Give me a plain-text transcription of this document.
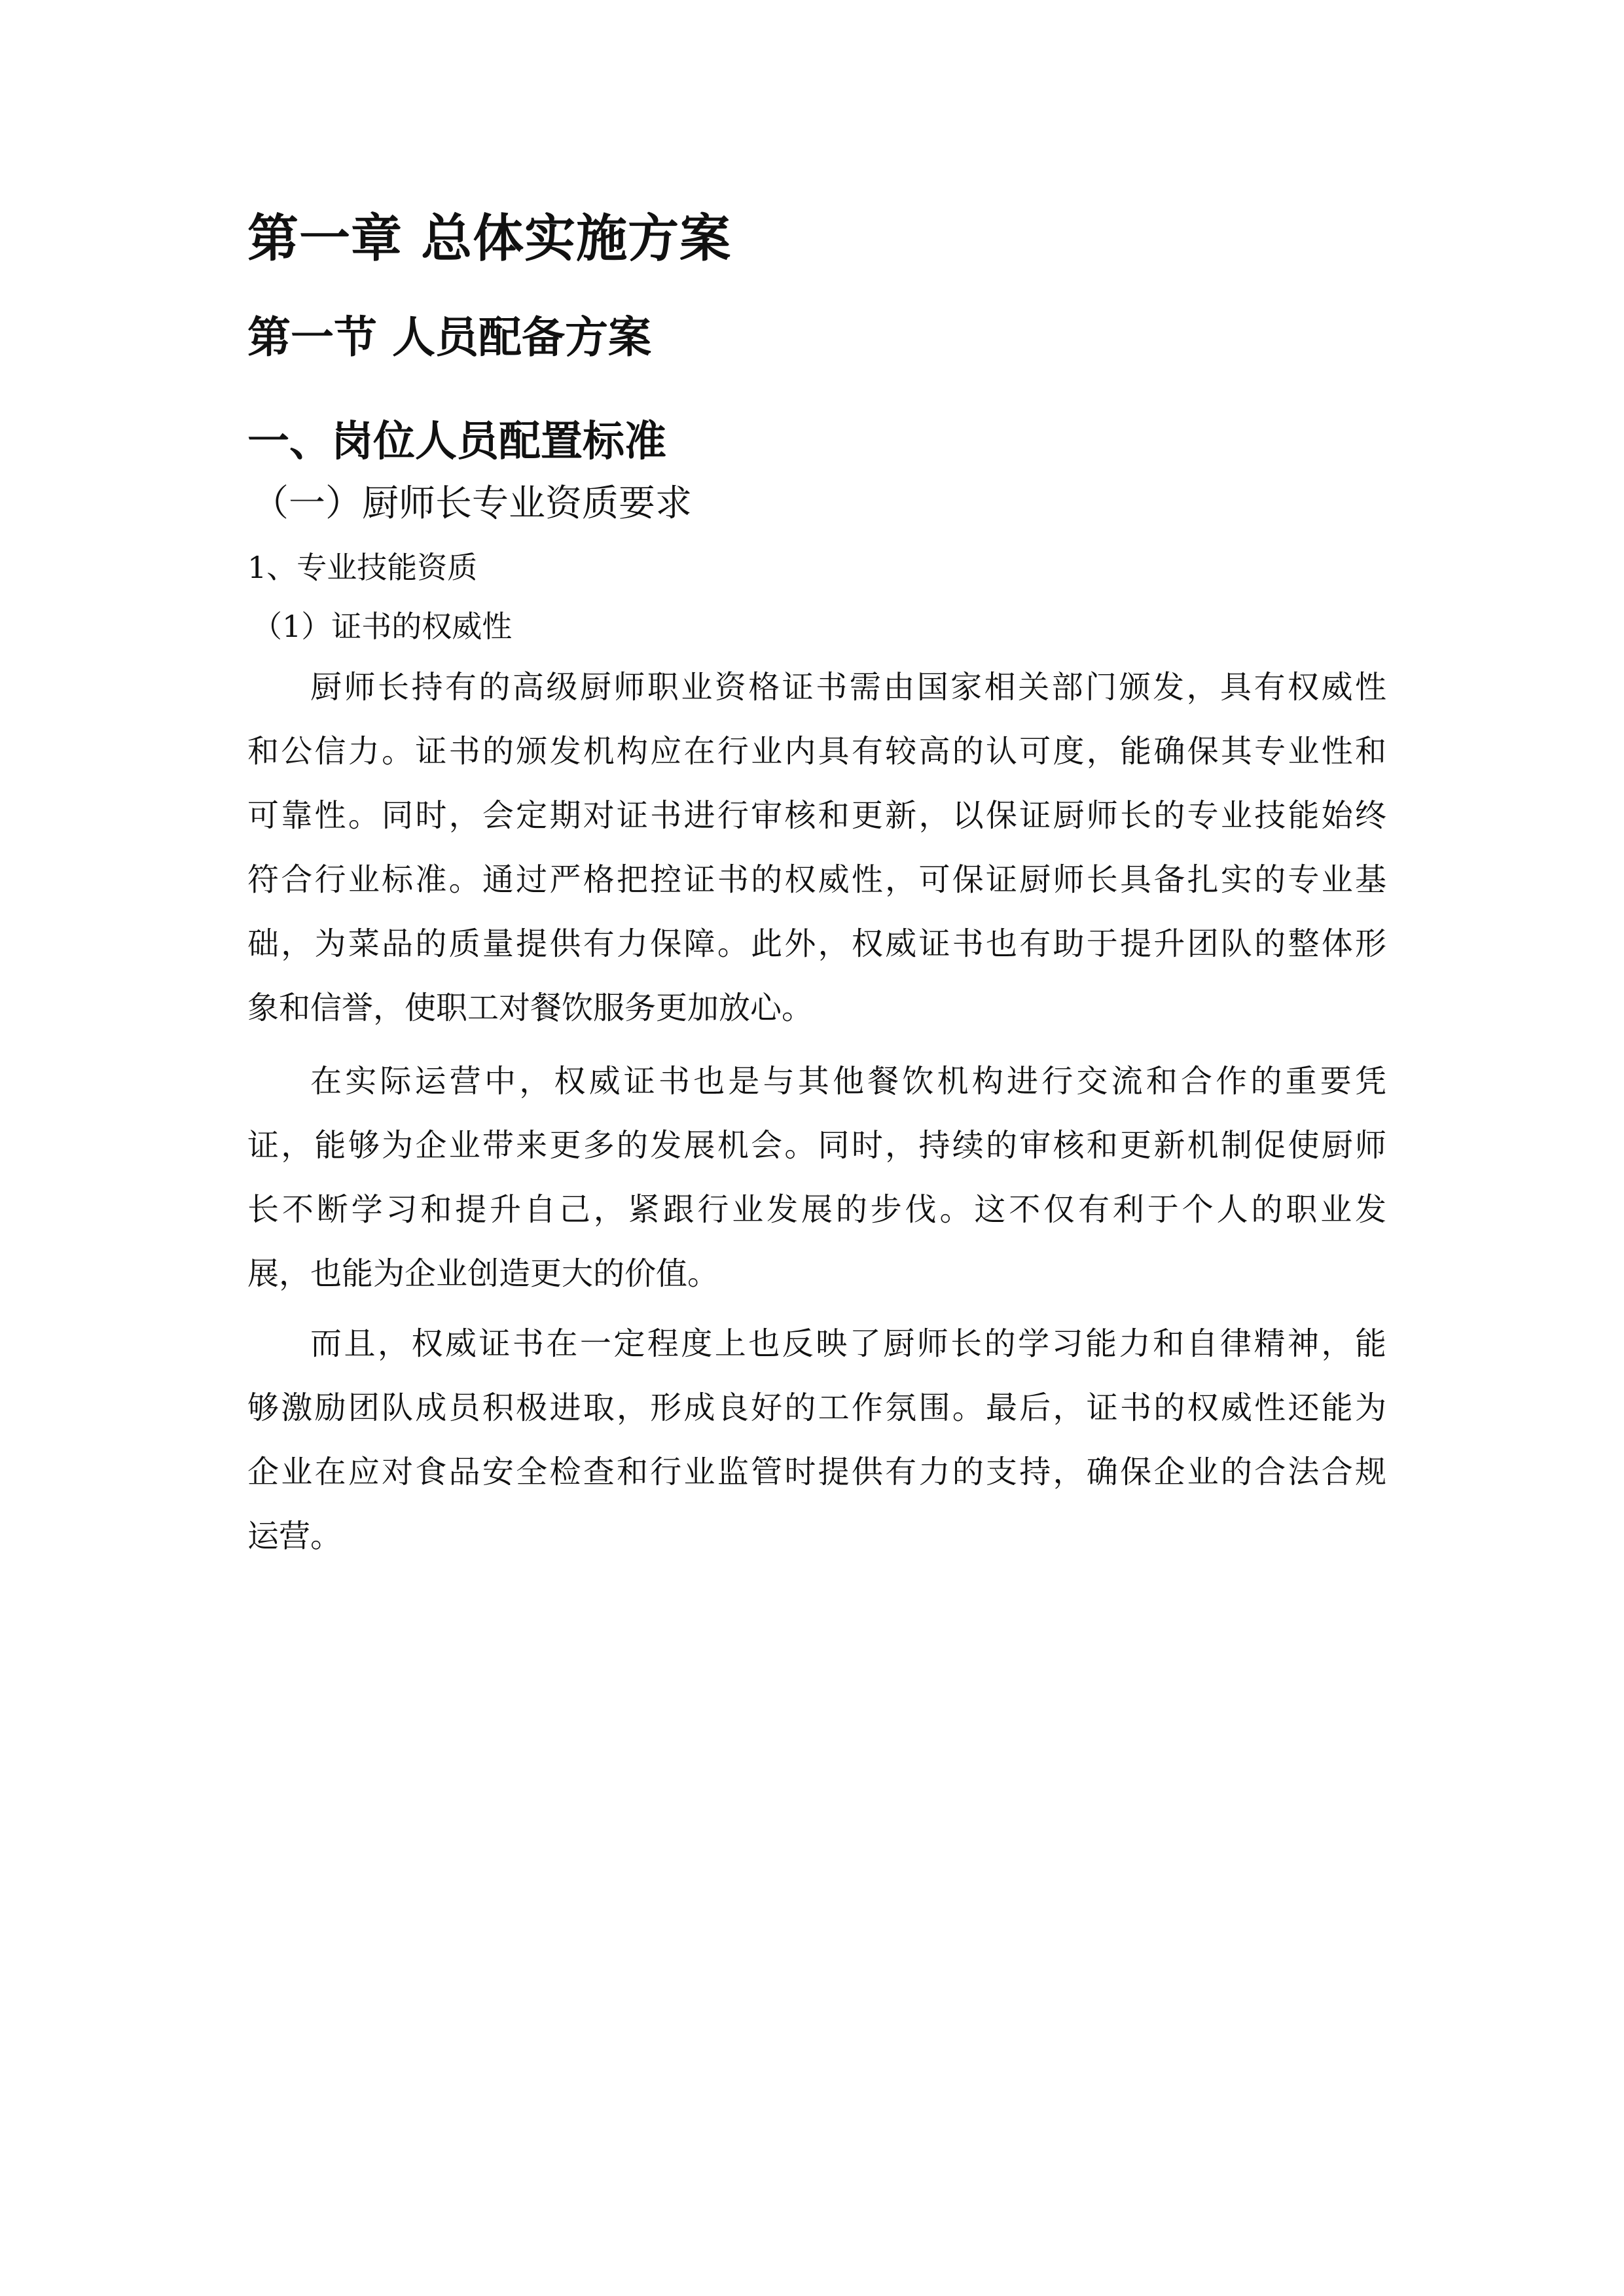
第一章 总体实施方案
第一节 人员配备方案
一、岗位人员配置标准
（一）厨师长专业资质要求
1、专业技能资质
（1）证书的权威性
厨师长持有的高级厨师职业资格证书需由国家相关部门颁发，具有权威性
和公信力。证书的颁发机构应在行业内具有较高的认可度，能确保其专业性和
可靠性。同时，会定期对证书进行审核和更新，以保证厨师长的专业技能始终
符合行业标准。通过严格把控证书的权威性，可保证厨师长具备扎实的专业基
础，为菜品的质量提供有力保障。此外，权威证书也有助于提升团队的整体形
象和信誉，使职工对餐饮服务更加放心。
在实际运营中，权威证书也是与其他餐饮机构进行交流和合作的重要凭
证，能够为企业带来更多的发展机会。同时，持续的审核和更新机制促使厨师
长不断学习和提升自己，紧跟行业发展的步伐。这不仅有利于个人的职业发
展，也能为企业创造更大的价值。
而且，权威证书在一定程度上也反映了厨师长的学习能力和自律精神，能
够激励团队成员积极进取，形成良好的工作氛围。最后，证书的权威性还能为
企业在应对食品安全检查和行业监管时提供有力的支持，确保企业的合法合规
运营。
